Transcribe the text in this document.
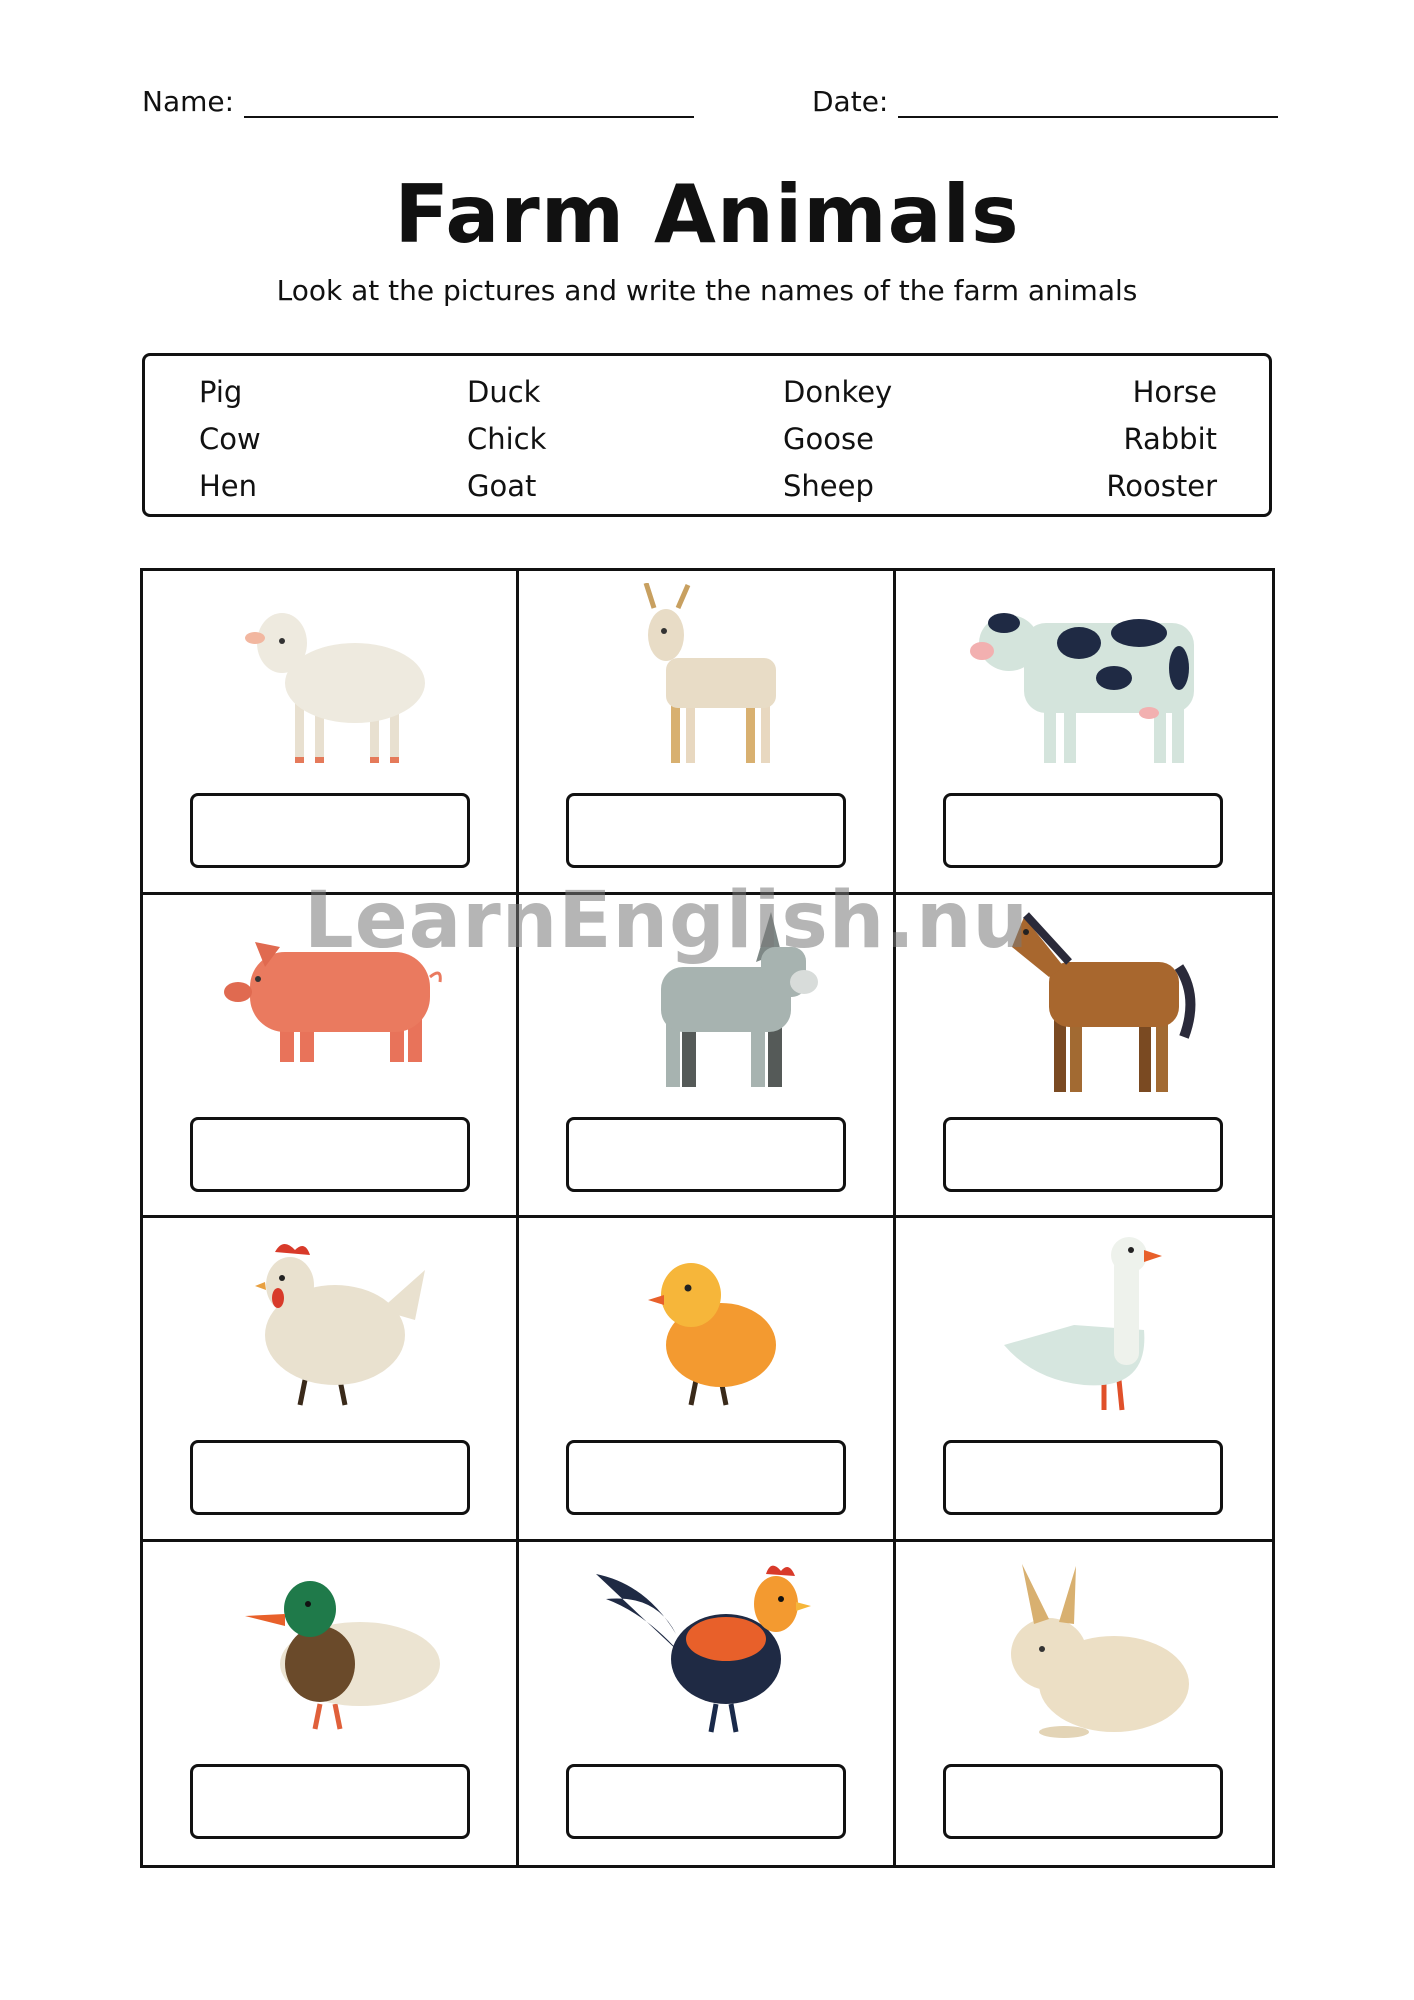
Name:	Date:
Farm Animals
Look at the pictures and write the names of the farm animals
Pig	Duck	Donkey	Horse
Cow	Chick	Goose	Rabbit
Hen	Goat	Sheep	Rooster
LearnEnglish.nu
